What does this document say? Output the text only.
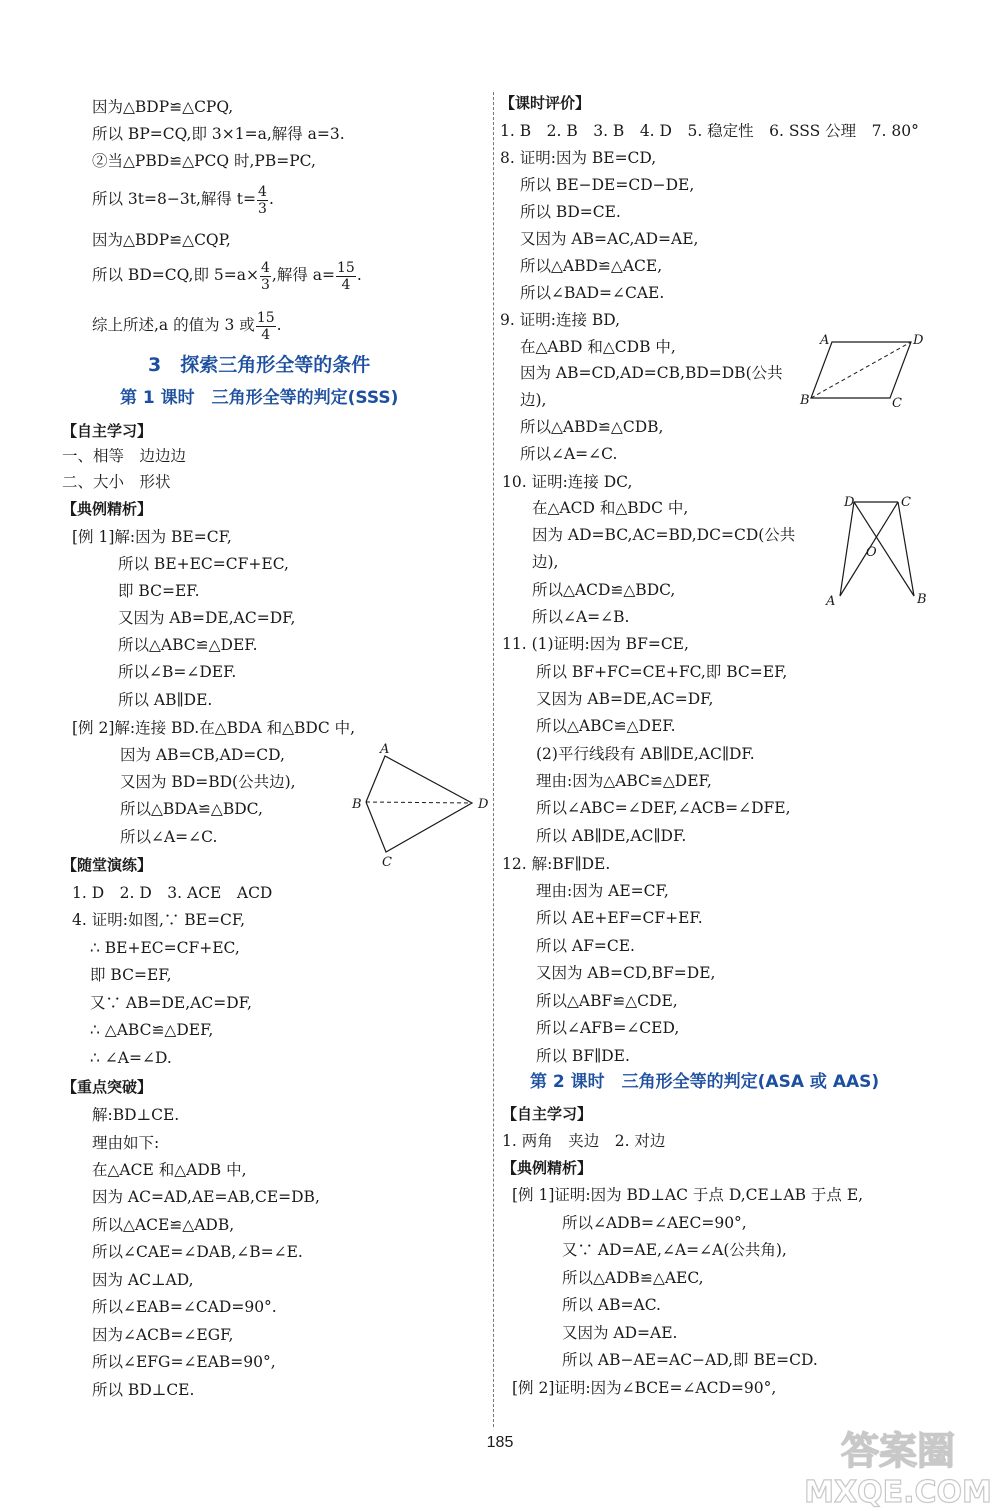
因为△BDP≌△CPQ,
所以 BP=CQ,即 3×1=a,解得 a=3.
②当△PBD≌△PCQ 时,PB=PC,
所以 3t=8−3t,解得 $t= \frac{4}{3}$ .
因为△BDP≌△CQP,
所以 BD=CQ,即 $5=a\times \frac{4}{3}$ ,解得 $a= \frac{15}{4}$ .
综上所述,a 的值为 3 或 $\frac{15}{4}$ .
3　探索三角形全等的条件
第 1 课时　三角形全等的判定(SSS)
【自主学习】
一、相等　边边边
二、大小　形状
【典例精析】
[例 1]解:因为 BE=CF,
所以 BE+EC=CF+EC,
即 BC=EF.
又因为 AB=DE,AC=DF,
所以△ABC≌△DEF.
所以∠B=∠DEF.
所以 AB∥DE.
[例 2]解:连接 BD.在△BDA 和△BDC 中,
因为 AB=CB,AD=CD,
又因为 BD=BD(公共边),
所以△BDA≌△BDC,
所以∠A=∠C.
A
B
C
D
【随堂演练】
1. D　2. D　3. ACE　ACD
4. 证明:如图,∵ BE=CF,
∴ BE+EC=CF+EC,
即 BC=EF,
又∵ AB=DE,AC=DF,
∴ △ABC≌△DEF,
∴ ∠A=∠D.
【重点突破】
解:BD⊥CE.
理由如下:
在△ACE 和△ADB 中,
因为 AC=AD,AE=AB,CE=DB,
所以△ACE≌△ADB,
所以∠CAE=∠DAB,∠B=∠E.
因为 AC⊥AD,
所以∠EAB=∠CAD=90°.
因为∠ACB=∠EGF,
所以∠EFG=∠EAB=90°,
所以 BD⊥CE.
【课时评价】
1. B　2. B　3. B　4. D　5. 稳定性　6. SSS 公理　7. 80°
8. 证明:因为 BE=CD,
所以 BE−DE=CD−DE,
所以 BD=CE.
又因为 AB=AC,AD=AE,
所以△ABD≌△ACE,
所以∠BAD=∠CAE.
9. 证明:连接 BD,
在△ABD 和△CDB 中,
因为 AB=CD,AD=CB,BD=DB(公共
边),
所以△ABD≌△CDB,
所以∠A=∠C.
A	D
B	C
10. 证明:连接 DC,
在△ACD 和△BDC 中,
因为 AD=BC,AC=BD,DC=CD(公共
边),
所以△ACD≌△BDC,
所以∠A=∠B.
D	C
O
A	B
11. (1)证明:因为 BF=CE,
所以 BF+FC=CE+FC,即 BC=EF,
又因为 AB=DE,AC=DF,
所以△ABC≌△DEF.
(2)平行线段有 AB∥DE,AC∥DF.
理由:因为△ABC≌△DEF,
所以∠ABC=∠DEF,∠ACB=∠DFE,
所以 AB∥DE,AC∥DF.
12. 解:BF∥DE.
理由:因为 AE=CF,
所以 AE+EF=CF+EF.
所以 AF=CE.
又因为 AB=CD,BF=DE,
所以△ABF≌△CDE,
所以∠AFB=∠CED,
所以 BF∥DE.
第 2 课时　三角形全等的判定(ASA 或 AAS)
【自主学习】
1. 两角　夹边　2. 对边
【典例精析】
[例 1]证明:因为 BD⊥AC 于点 D,CE⊥AB 于点 E,
所以∠ADB=∠AEC=90°,
又∵ AD=AE,∠A=∠A(公共角),
所以△ADB≌△AEC,
所以 AB=AC.
又因为 AD=AE.
所以 AB−AE=AC−AD,即 BE=CD.
[例 2]证明:因为∠BCE=∠ACD=90°,
185	答案圈
MXQE.COM
